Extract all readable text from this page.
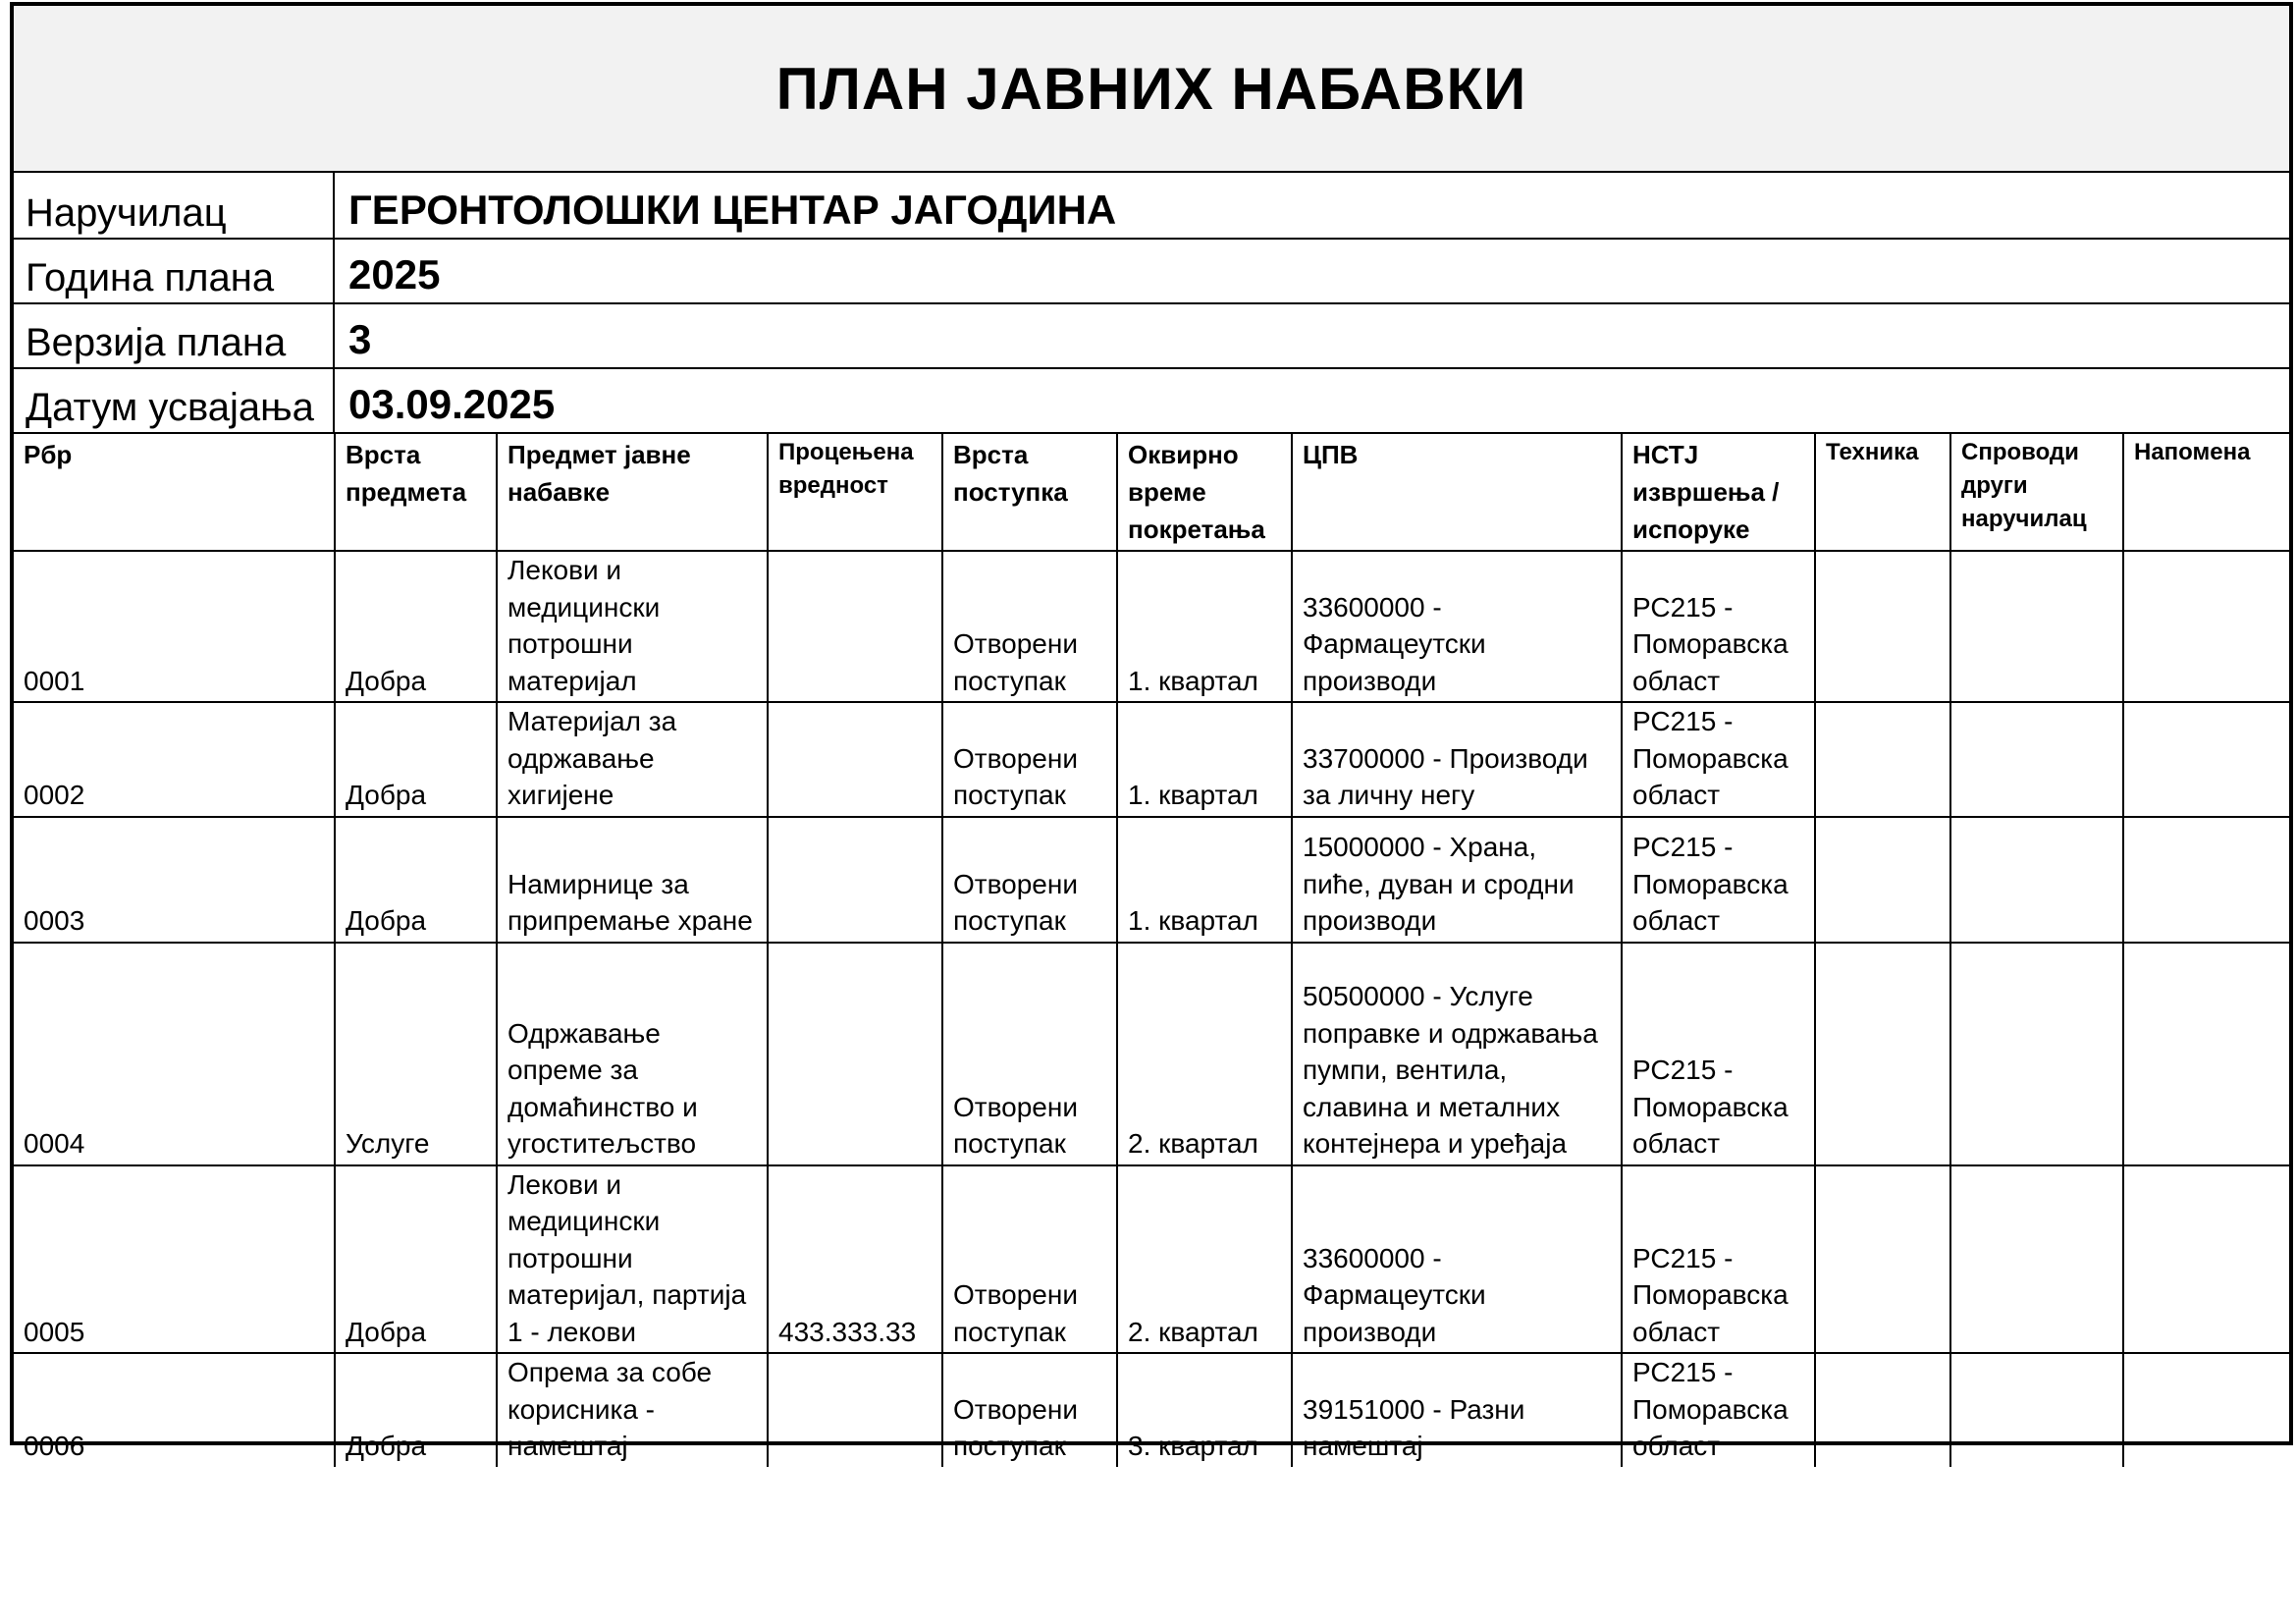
ПЛАН ЈАВНИХ НАБАВКИ
Наручилац	ГЕРОНТОЛОШКИ ЦЕНТАР ЈАГОДИНА
Година плана	2025
Верзија плана	3
Датум усвајања 03.09.2025
Рбр	Врста предмета	Предмет јавне набавке	Процењена вредност	Врста поступка	Оквирно време покретања	ЦПВ	НСТЈ извршења / испоруке	Техника	Спроводи други наручилац	Напомена
0001	Добра	Лекови и медицински потрошни материјал		Отворени поступак	1. квартал	33600000 - Фармацеутски производи	РС215 - Поморавска област			
0002	Добра	Материјал за одржавање хигијене		Отворени поступак	1. квартал	33700000 - Производи за личну негу	РС215 - Поморавска област			
0003	Добра	Намирнице за припремање хране		Отворени поступак	1. квартал	15000000 - Храна, пиће, дуван и сродни производи	РС215 - Поморавска област			
0004	Услуге	Одржавање опреме за домаћинство и угоститељство		Отворени поступак	2. квартал	50500000 - Услуге поправке и одржавања пумпи, вентила, славина и металних контејнера и уређаја	РС215 - Поморавска област			
0005	Добра	Лекови и медицински потрошни материјал, партија 1 - лекови	433.333.33	Отворени поступак	2. квартал	33600000 - Фармацеутски производи	РС215 - Поморавска област			
0006	Добра	Опрема за собе корисника - намештај		Отворени поступак	3. квартал	39151000 - Разни намештај	РС215 - Поморавска област			
